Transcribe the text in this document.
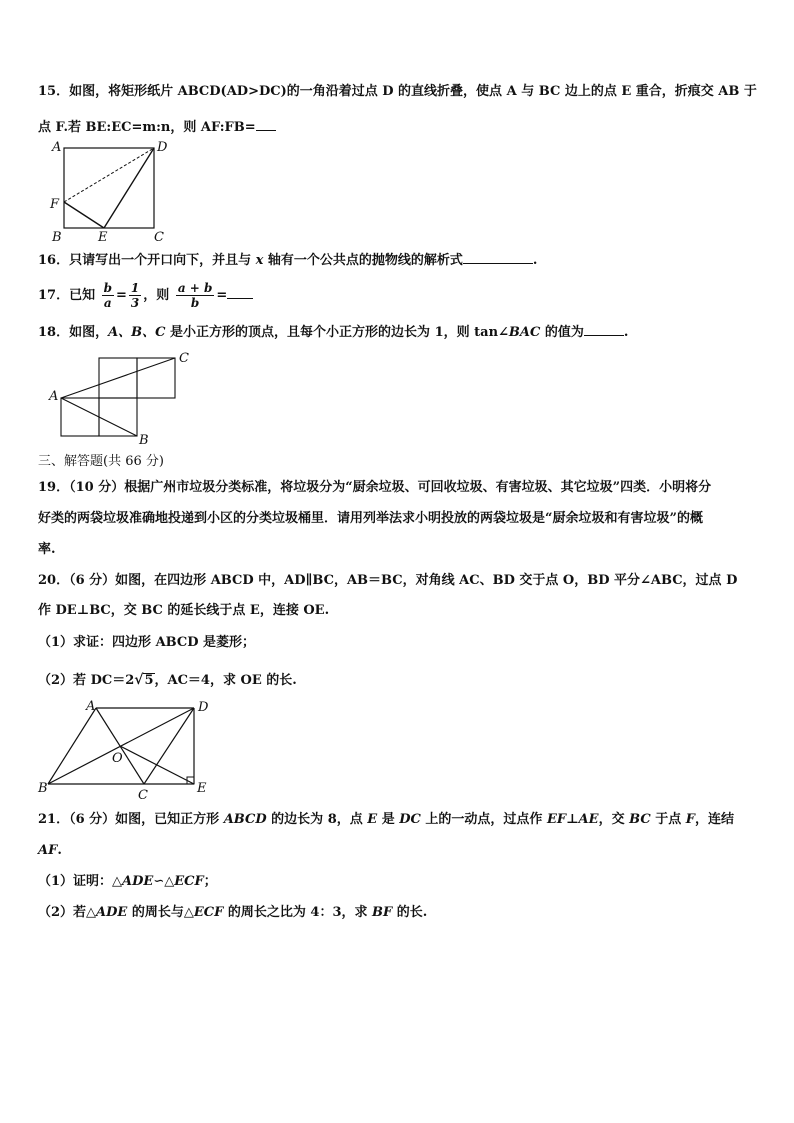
15．如图，将矩形纸片 ABCD(AD>DC)的一角沿着过点 D 的直线折叠，使点 A 与 BC 边上的点 E 重合，折痕交 AB 于
点 F.若 BE:EC=m:n，则 AF:FB=
A	D
F
B	E	C
16．只请写出一个开口向下，并且与 x 轴有一个公共点的抛物线的解析式	.
17．已知 $\frac{b}{a} = \frac{1}{3}$ ，则 $\frac{a + b}{b}$ =
18．如图，A、B、C 是小正方形的顶点，且每个小正方形的边长为 1，则 tan∠BAC 的值为	.
A
B
C
三、解答题(共 66 分)
19．（10 分）根据广州市垃圾分类标准，将垃圾分为“厨余垃圾、可回收垃圾、有害垃圾、其它垃圾”四类．小明将分
好类的两袋垃圾准确地投递到小区的分类垃圾桶里．请用列举法求小明投放的两袋垃圾是“厨余垃圾和有害垃圾”的概
率.
20．（6 分）如图，在四边形 ABCD 中，AD∥BC，AB＝BC，对角线 AC、BD 交于点 O，BD 平分∠ABC，过点 D
作 DE⊥BC，交 BC 的延长线于点 E，连接 OE.
（1）求证：四边形 ABCD 是菱形；
（2）若 DC＝2√5，AC＝4，求 OE 的长.
A	D
O
B	C	E
21．（6 分）如图，已知正方形 ABCD 的边长为 8，点 E 是 DC 上的一动点，过点作 EF⊥AE，交 BC 于点 F，连结
AF.
（1）证明：△ADE∽△ECF；
（2）若△ADE 的周长与△ECF 的周长之比为 4：3，求 BF 的长.
